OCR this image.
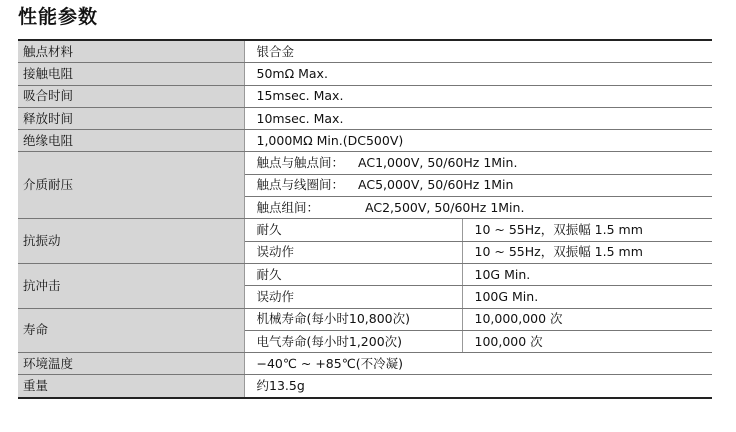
性能参数
触点材料	银合金	
接触电阻	50mΩ Max.	
吸合时间	15msec. Max.	
释放时间	10msec. Max.	
绝缘电阻	1,000MΩ Min.(DC500V)	
介质耐压	触点与触点间： AC1,000V, 50/60Hz 1Min.	
	触点与线圈间： AC5,000V, 50/60Hz 1Min	
	触点组间： AC2,500V, 50/60Hz 1Min.	
抗振动	耐久	10 ~ 55Hz，双振幅 1.5 mm
	误动作	10 ~ 55Hz，双振幅 1.5 mm
抗冲击	耐久	10G Min.
	误动作	100G Min.
寿命	机械寿命(每小时10,800次)	10,000,000 次
	电气寿命(每小时1,200次)	100,000 次
环境温度	−40℃ ~ +85℃(不冷凝)	
重量	约13.5g	
